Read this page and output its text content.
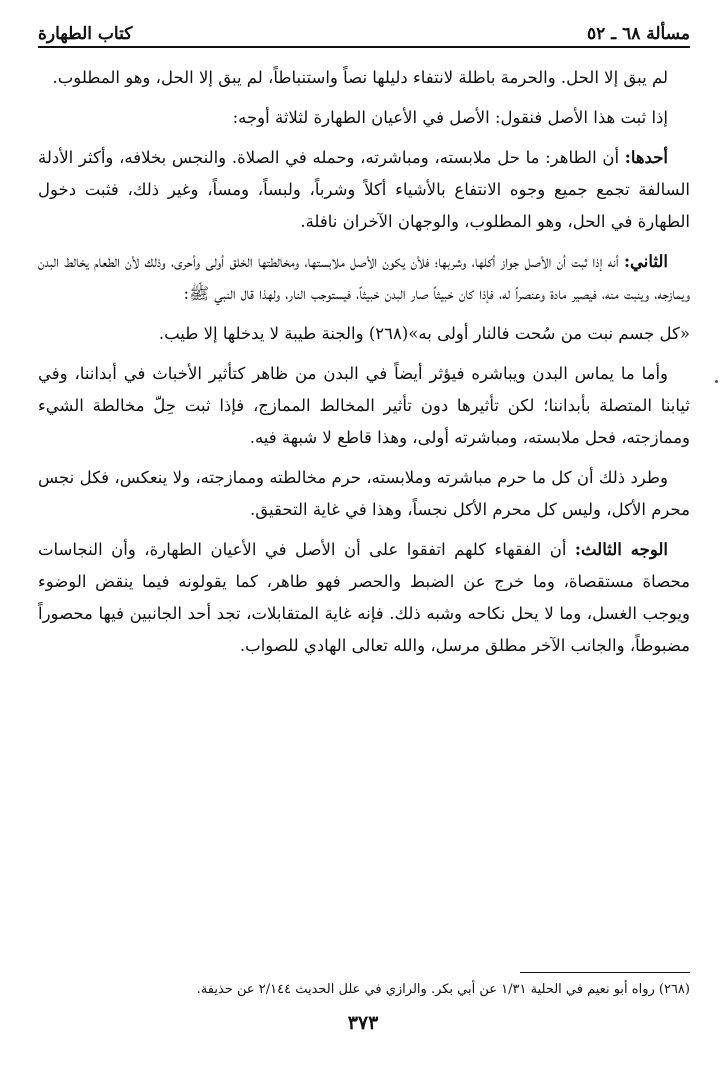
مسألة ٦٨ ـ ٥٢
كتاب الطهارة

لم يبق إلا الحل. والحرمة باطلة لانتفاء دليلها نصاً واستنباطاً، لم يبق إلا الحل، وهو المطلوب.

إذا ثبت هذا الأصل فنقول: الأصل في الأعيان الطهارة لثلاثة أوجه:

أحدها: أن الطاهر: ما حل ملابسته، ومباشرته، وحمله في الصلاة. والنجس بخلافه، وأكثر الأدلة السالفة تجمع جميع وجوه الانتفاع بالأشياء أكلاً وشرباً، ولبساً، ومساً، وغير ذلك، فثبت دخول الطهارة في الحل، وهو المطلوب، والوجهان الآخران نافلة.

الثاني: أنه إذا ثبت أن الأصل جواز أكلها، وشربها؛ فلأن يكون الأصل ملابستها، ومخالطتها الخلق أولى وأحرى، وذلك لأن الطعام يخالط البدن ويمازجه، وينبت منه، فيصير مادة وعنصراً له، فإذا كان خبيثاً صار البدن خبيثاً، فيستوجب النار، ولهذا قال النبي ﷺ:

«كل جسم نبت من سُحت فالنار أولى به»(٢٦٨) والجنة طيبة لا يدخلها إلا طيب.

وأما ما يماس البدن ويباشره فيؤثر أيضاً في البدن من ظاهر كتأثير الأخباث في أبداننا، وفي ثيابنا المتصلة بأبداننا؛ لكن تأثيرها دون تأثير المخالط الممازج، فإذا ثبت حِلّ مخالطة الشيء وممازجته، فحل ملابسته، ومباشرته أولى، وهذا قاطع لا شبهة فيه.

وطرد ذلك أن كل ما حرم مباشرته وملابسته، حرم مخالطته وممازجته، ولا ينعكس، فكل نجس محرم الأكل، وليس كل محرم الأكل نجساً، وهذا في غاية التحقيق.

الوجه الثالث: أن الفقهاء كلهم اتفقوا على أن الأصل في الأعيان الطهارة، وأن النجاسات محصاة مستقصاة، وما خرج عن الضبط والحصر فهو طاهر، كما يقولونه فيما ينقض الوضوء ويوجب الغسل، وما لا يحل نكاحه وشبه ذلك. فإنه غاية المتقابلات، تجد أحد الجانبين فيها محصوراً مضبوطاً، والجانب الآخر مطلق مرسل، والله تعالى الهادي للصواب.

(٢٦٨) رواه أبو نعيم في الحلية ١/٣١ عن أبي بكر. والرازي في علل الحديث ٢/١٤٤ عن حذيفة.
٣٧٣
